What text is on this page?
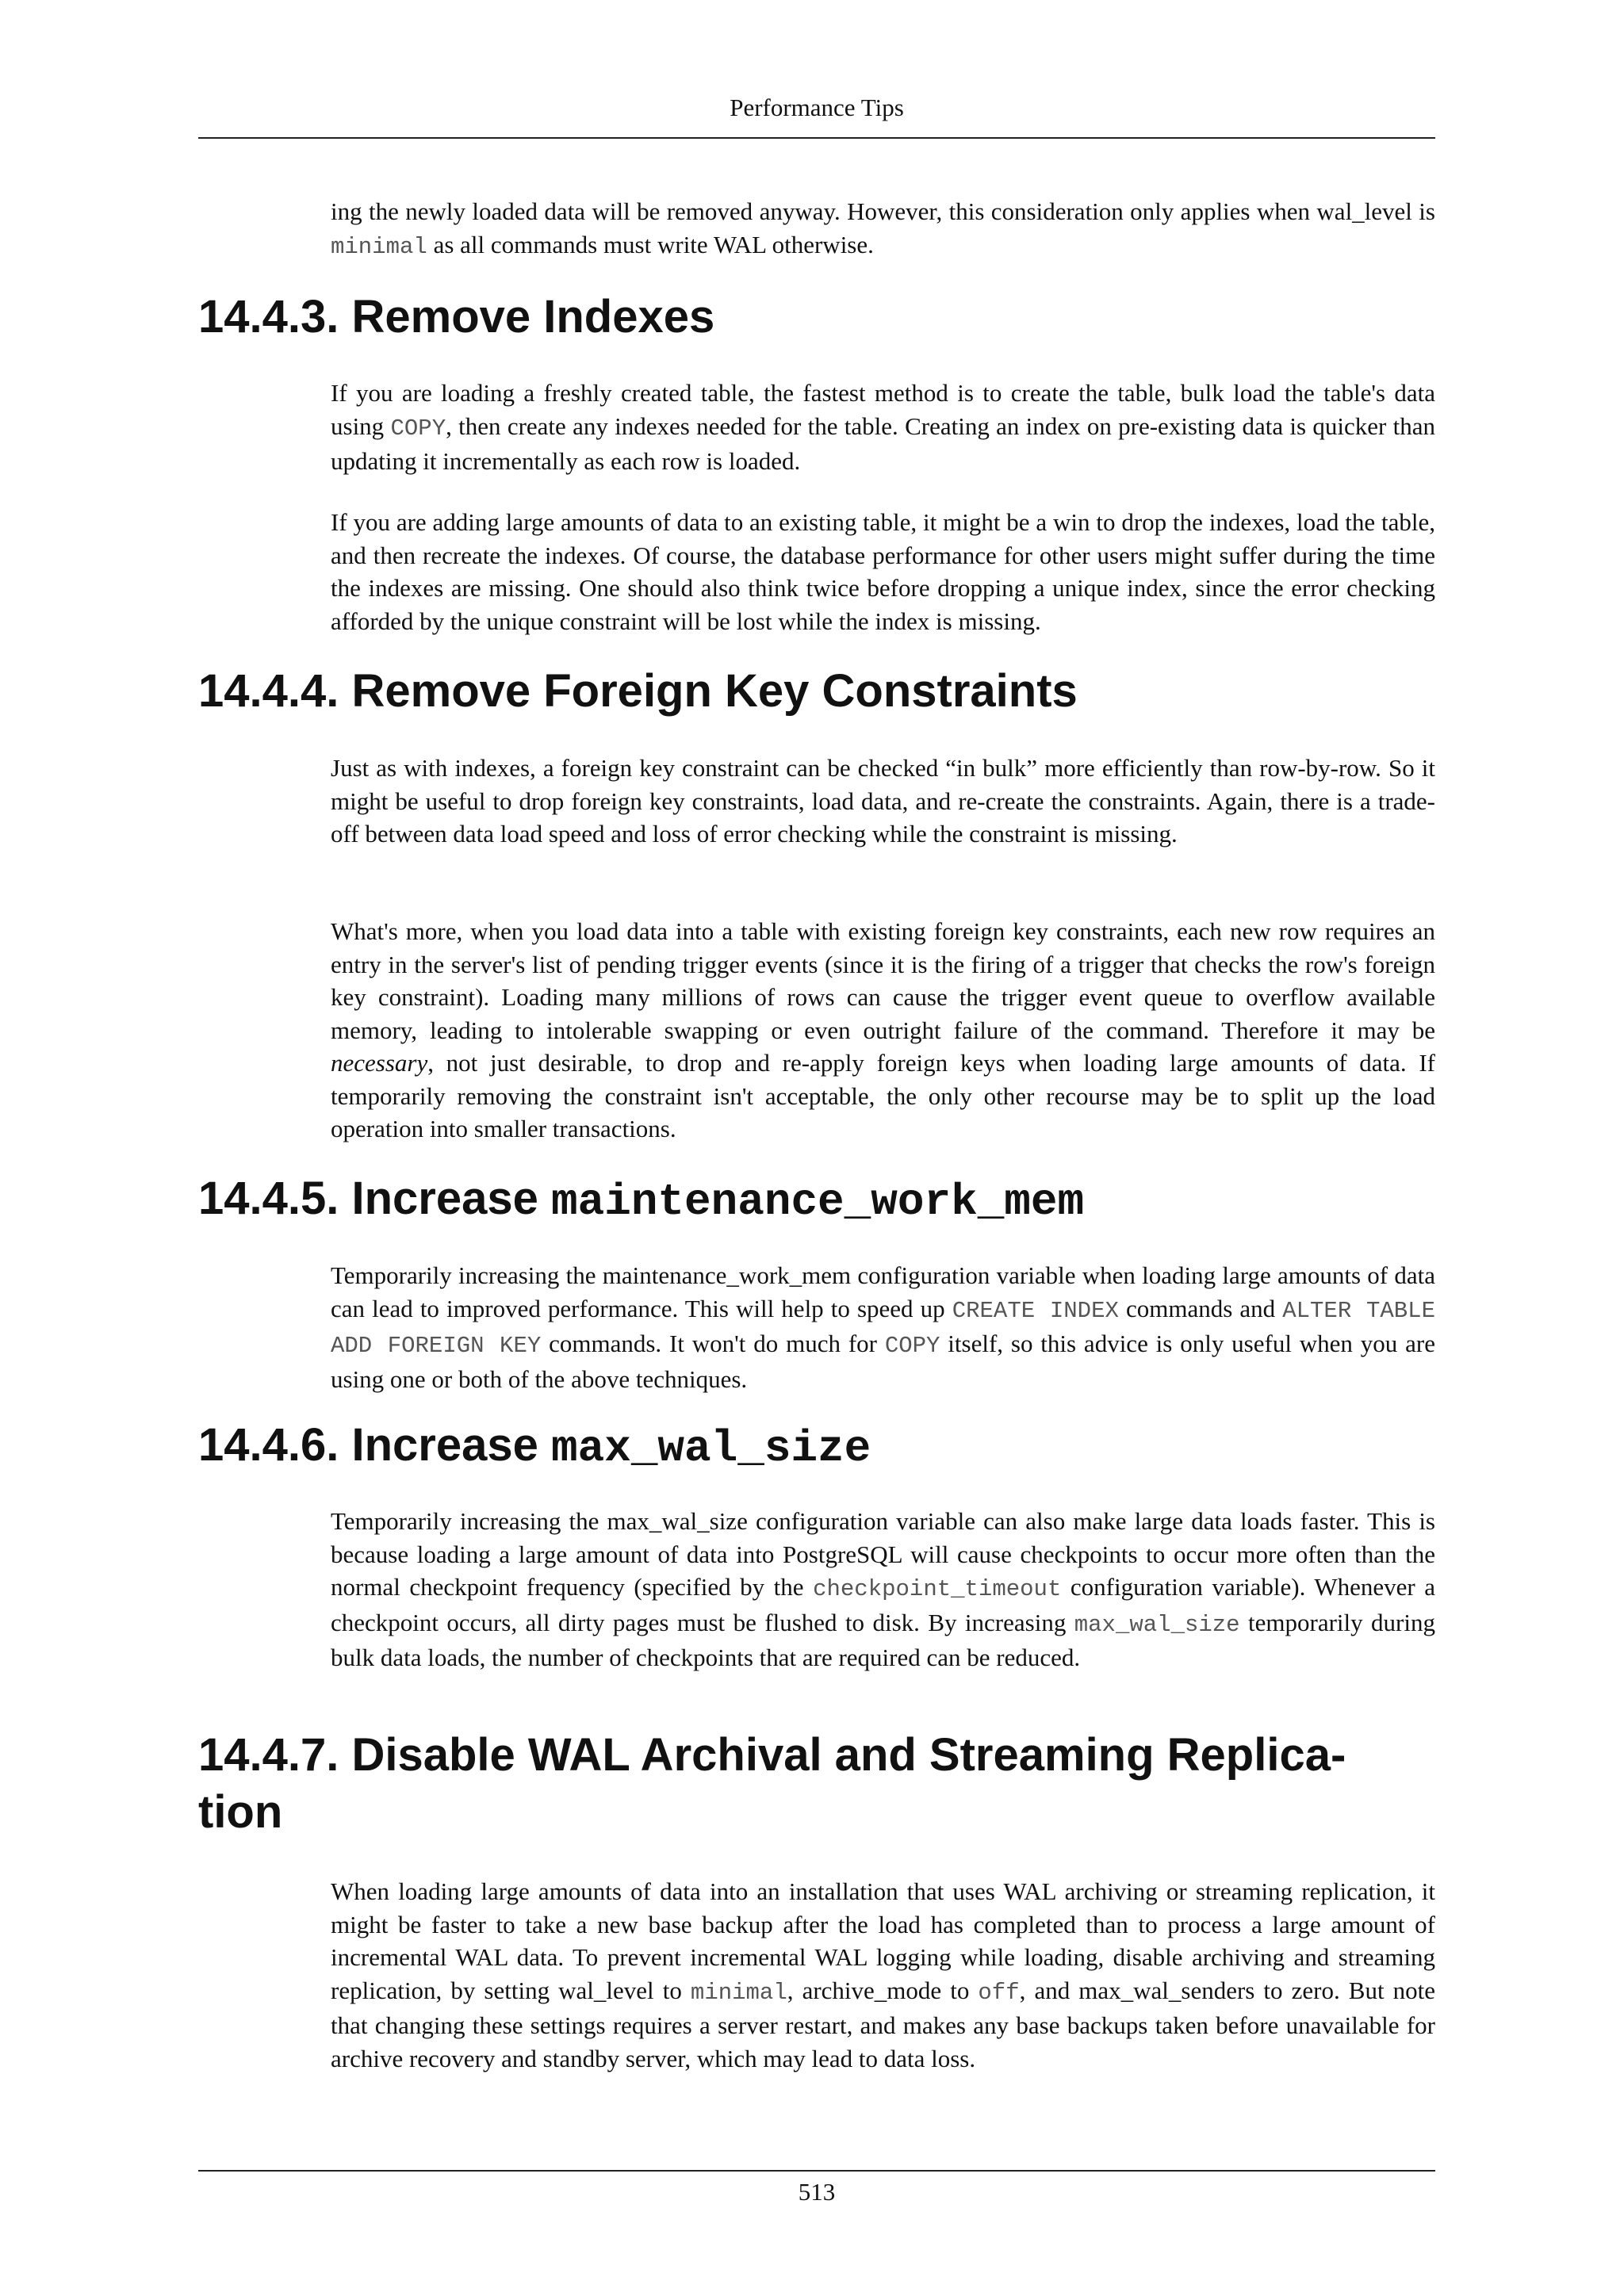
Performance Tips

ing the newly loaded data will be removed anyway. However, this consideration only applies when wal_level is minimal as all commands must write WAL otherwise.

14.4.3. Remove Indexes

If you are loading a freshly created table, the fastest method is to create the table, bulk load the table's data using COPY, then create any indexes needed for the table. Creating an index on pre-existing data is quicker than updating it incrementally as each row is loaded.

If you are adding large amounts of data to an existing table, it might be a win to drop the indexes, load the table, and then recreate the indexes. Of course, the database performance for other users might suffer during the time the indexes are missing. One should also think twice before dropping a unique index, since the error checking afforded by the unique constraint will be lost while the index is missing.

14.4.4. Remove Foreign Key Constraints

Just as with indexes, a foreign key constraint can be checked “in bulk” more efficiently than row-by-row. So it might be useful to drop foreign key constraints, load data, and re-create the constraints. Again, there is a trade-off between data load speed and loss of error checking while the constraint is missing.

What's more, when you load data into a table with existing foreign key constraints, each new row requires an entry in the server's list of pending trigger events (since it is the firing of a trigger that checks the row's foreign key constraint). Loading many millions of rows can cause the trigger event queue to overflow available memory, leading to intolerable swapping or even outright failure of the command. Therefore it may be necessary, not just desirable, to drop and re-apply foreign keys when loading large amounts of data. If temporarily removing the constraint isn't acceptable, the only other recourse may be to split up the load operation into smaller transactions.

14.4.5. Increase maintenance_work_mem

Temporarily increasing the maintenance_work_mem configuration variable when loading large amounts of data can lead to improved performance. This will help to speed up CREATE INDEX commands and ALTER TABLE ADD FOREIGN KEY commands. It won't do much for COPY itself, so this advice is only useful when you are using one or both of the above techniques.

14.4.6. Increase max_wal_size

Temporarily increasing the max_wal_size configuration variable can also make large data loads faster. This is because loading a large amount of data into PostgreSQL will cause checkpoints to occur more often than the normal checkpoint frequency (specified by the checkpoint_timeout configuration variable). Whenever a checkpoint occurs, all dirty pages must be flushed to disk. By increasing max_wal_size temporarily during bulk data loads, the number of checkpoints that are required can be reduced.

14.4.7. Disable WAL Archival and Streaming Replica-
tion

When loading large amounts of data into an installation that uses WAL archiving or streaming replication, it might be faster to take a new base backup after the load has completed than to process a large amount of incremental WAL data. To prevent incremental WAL logging while loading, disable archiving and streaming replication, by setting wal_level to minimal, archive_mode to off, and max_wal_senders to zero. But note that changing these settings requires a server restart, and makes any base backups taken before unavailable for archive recovery and standby server, which may lead to data loss.

513
